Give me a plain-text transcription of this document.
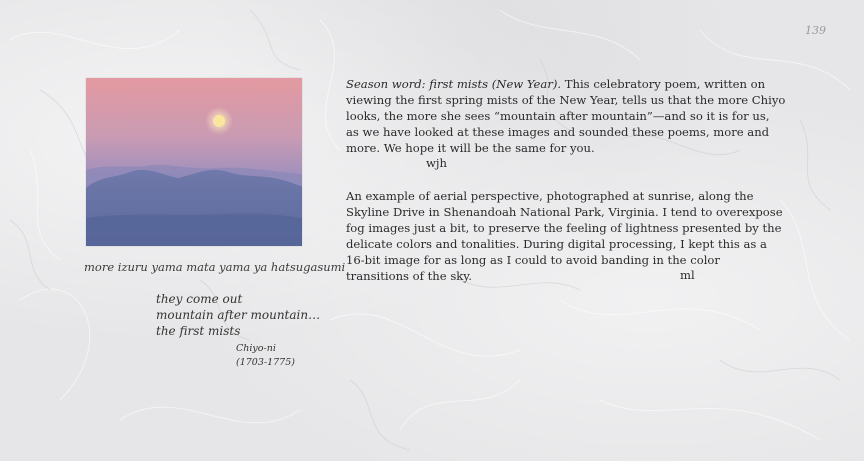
139
more izuru yama mata yama ya hatsugasumi
they come out
mountain after mountain…
the first mists
Chiyo-ni
(1703-1775)

Season word: first mists (New Year). This celebratory poem, written on viewing the first spring mists of the New Year, tells us that the more Chiyo looks, the more she sees “mountain after mountain”—and so it is for us, as we have looked at these images and sounded these poems, more and more. We hope it will be the same for you.

wjh

An example of aerial perspective, photographed at sunrise, along the Skyline Drive in Shenandoah National Park, Virginia. I tend to overexpose fog images just a bit, to preserve the feeling of lightness presented by the delicate colors and tonalities. During digital processing, I kept this as a 16-bit image for as long as I could to avoid banding in the color transitions of the sky.	ml
